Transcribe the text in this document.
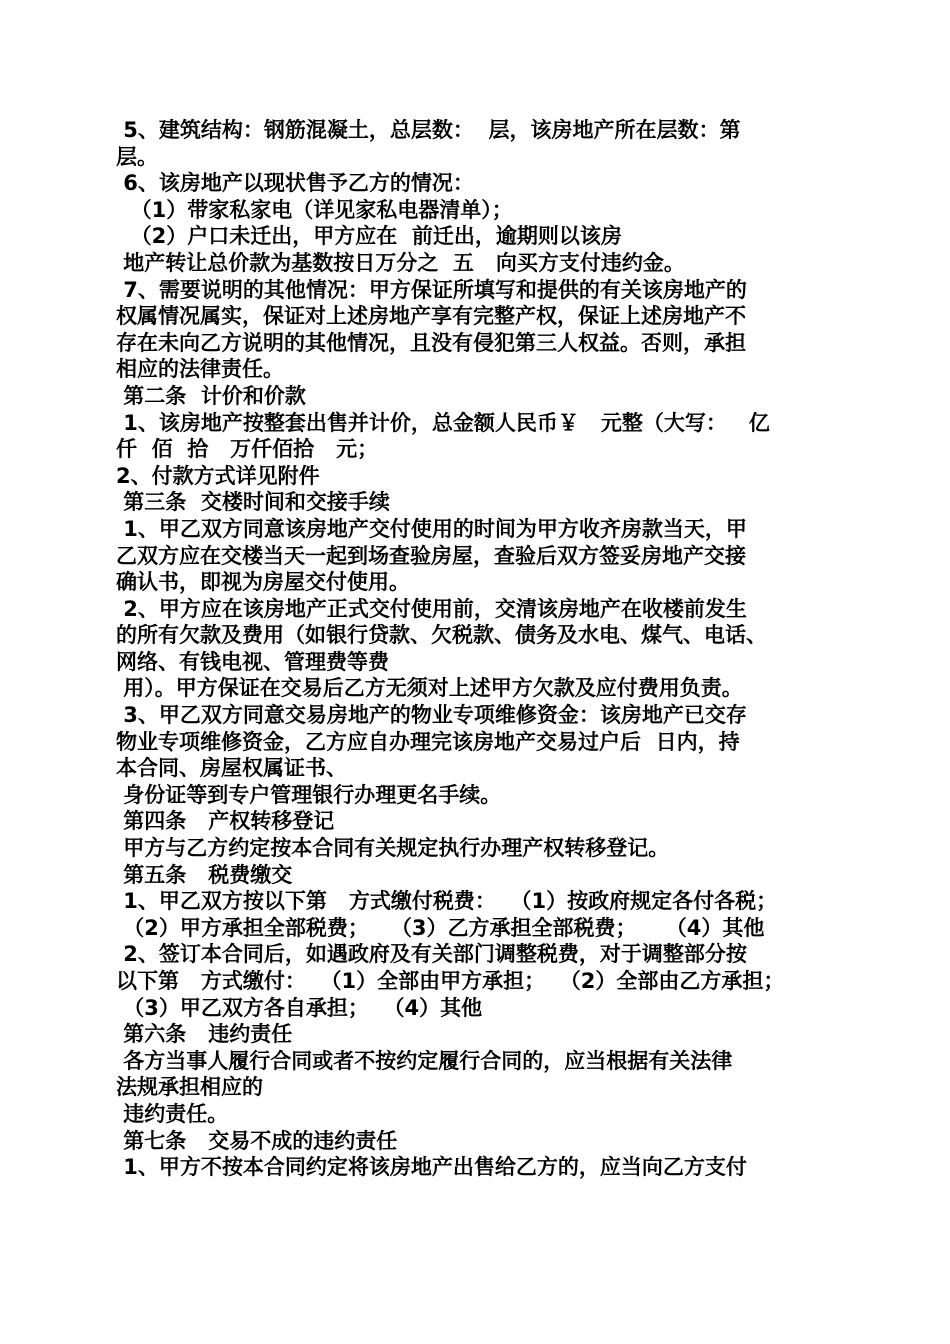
5、建筑结构：钢筋混凝土，总层数：  层，该房地产所在层数：第
层。
6、该房地产以现状售予乙方的情况：
（1）带家私家电（详见家私电器清单）；
（2）户口未迁出，甲方应在  前迁出，逾期则以该房
地产转让总价款为基数按日万分之  五   向买方支付违约金。
7、需要说明的其他情况：甲方保证所填写和提供的有关该房地产的
权属情况属实，保证对上述房地产享有完整产权，保证上述房地产不
存在未向乙方说明的其他情况，且没有侵犯第三人权益。否则，承担
相应的法律责任。
第二条  计价和价款
1、该房地产按整套出售并计价，总金额人民币￥   元整（大写：   亿
仟  佰  拾   万仟佰拾   元；
2、付款方式详见附件
第三条  交楼时间和交接手续
1、甲乙双方同意该房地产交付使用的时间为甲方收齐房款当天，甲
乙双方应在交楼当天一起到场查验房屋，查验后双方签妥房地产交接
确认书，即视为房屋交付使用。
2、甲方应在该房地产正式交付使用前，交清该房地产在收楼前发生
的所有欠款及费用（如银行贷款、欠税款、债务及水电、煤气、电话、
网络、有钱电视、管理费等费
用）。甲方保证在交易后乙方无须对上述甲方欠款及应付费用负责。
3、甲乙双方同意交易房地产的物业专项维修资金：该房地产已交存
物业专项维修资金，乙方应自办理完该房地产交易过户后  日内，持
本合同、房屋权属证书、
身份证等到专户管理银行办理更名手续。
第四条   产权转移登记
甲方与乙方约定按本合同有关规定执行办理产权转移登记。
第五条   税费缴交
1、甲乙双方按以下第   方式缴付税费：  （1）按政府规定各付各税；
（2）甲方承担全部税费；   （3）乙方承担全部税费；    （4）其他
2、签订本合同后，如遇政府及有关部门调整税费，对于调整部分按
以下第   方式缴付：  （1）全部由甲方承担；  （2）全部由乙方承担；
（3）甲乙双方各自承担；  （4）其他
第六条   违约责任
各方当事人履行合同或者不按约定履行合同的，应当根据有关法律
法规承担相应的
违约责任。
第七条   交易不成的违约责任
1、甲方不按本合同约定将该房地产出售给乙方的，应当向乙方支付
